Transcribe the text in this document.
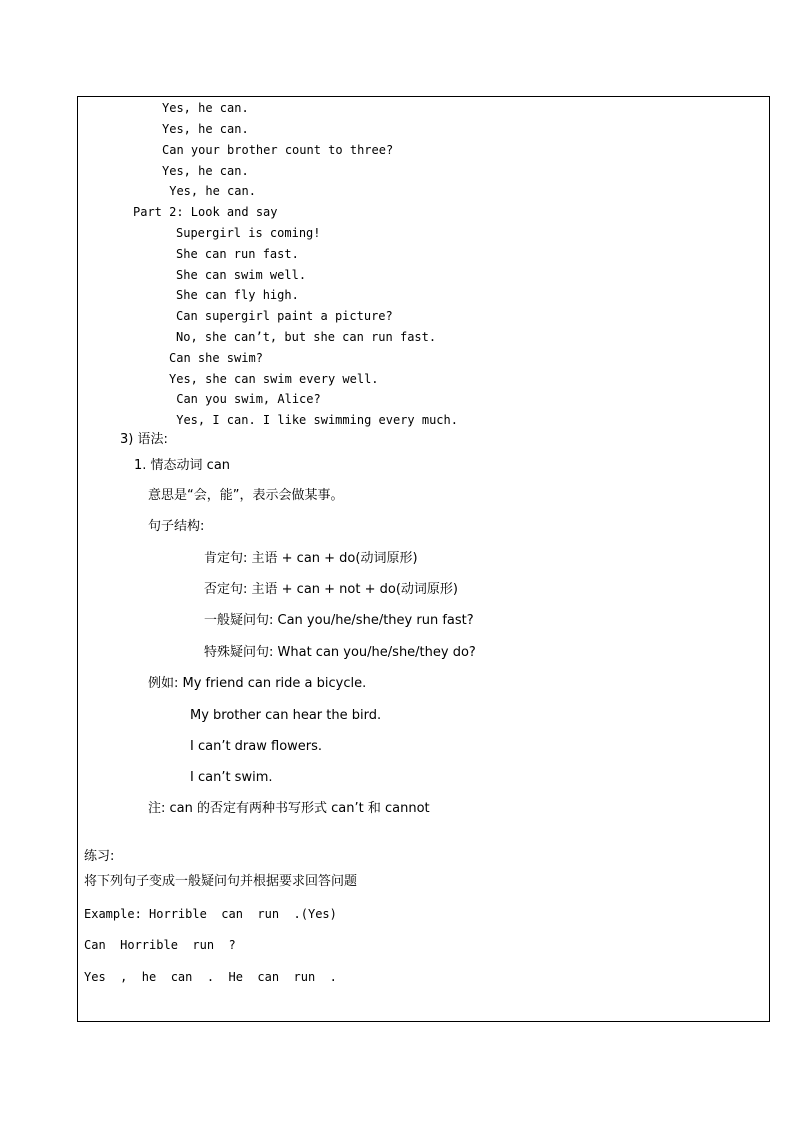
Yes, he can.
Yes, he can.
Can your brother count to three?
Yes, he can.
Yes, he can.
Part 2: Look and say
Supergirl is coming!
She can run fast.
She can swim well.
She can fly high.
Can supergirl paint a picture?
No, she can’t, but she can run fast.
Can she swim?
Yes, she can swim every well.
Can you swim, Alice?
Yes, I can. I like swimming every much.
3) 语法:
1. 情态动词 can
意思是“会，能”，表示会做某事。
句子结构:
肯定句: 主语 + can + do(动词原形)
否定句: 主语 + can + not + do(动词原形)
一般疑问句: Can you/he/she/they run fast?
特殊疑问句: What can you/he/she/they do?
例如: My friend can ride a bicycle.
My brother can hear the bird.
I can’t draw flowers.
I can’t swim.
注: can 的否定有两种书写形式 can’t 和 cannot
练习:
将下列句子变成一般疑问句并根据要求回答问题
Example: Horrible  can  run  .(Yes)
Can  Horrible  run  ?
Yes  ,  he  can  .  He  can  run  .
